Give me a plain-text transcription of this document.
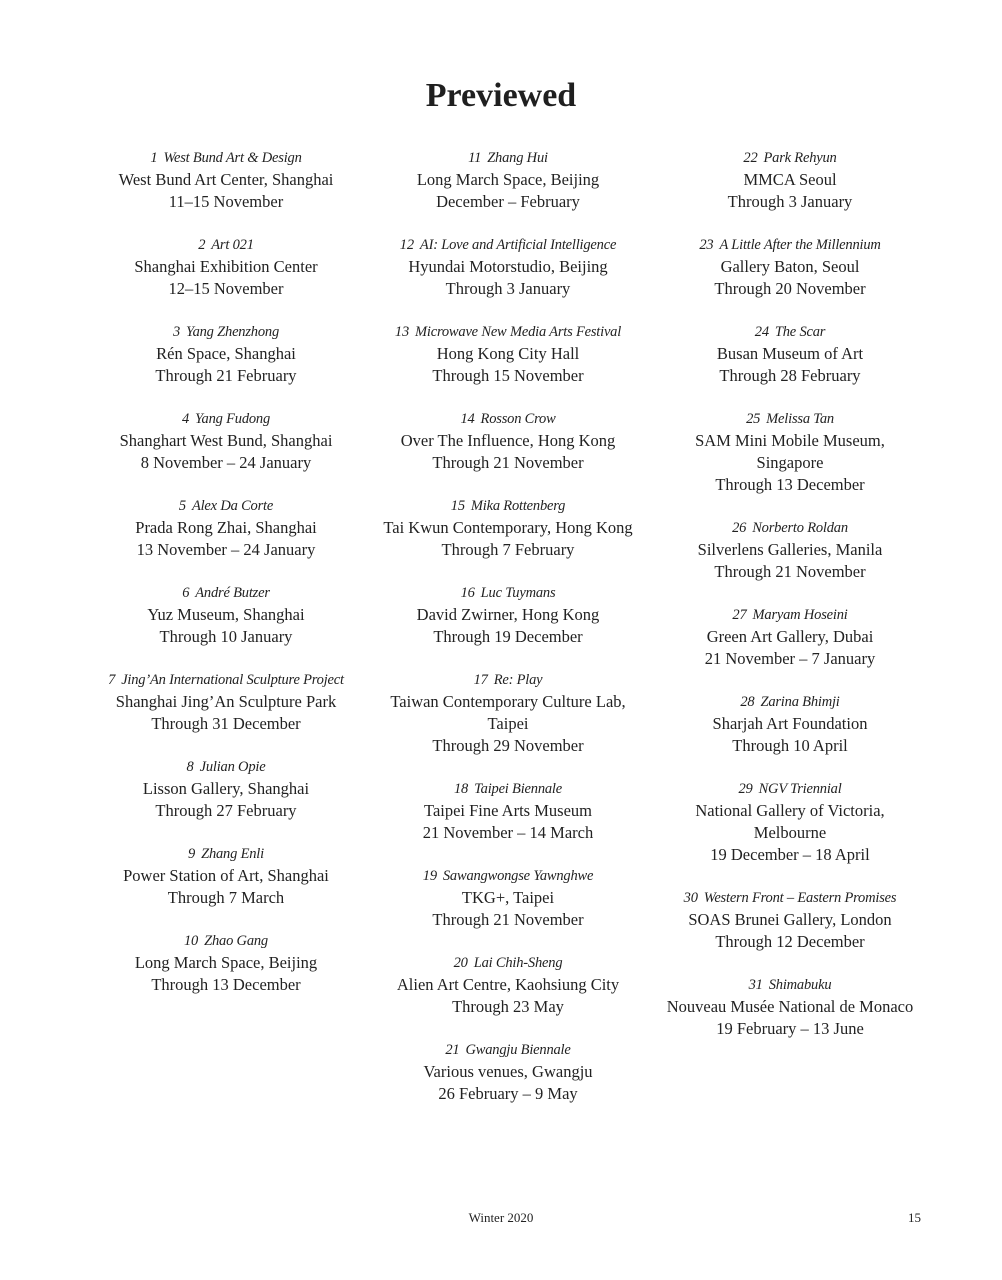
Previewed
1 West Bund Art & Design
West Bund Art Center, Shanghai
11–15 November
2 Art 021
Shanghai Exhibition Center
12–15 November
3 Yang Zhenzhong
Rén Space, Shanghai
Through 21 February
4 Yang Fudong
Shanghart West Bund, Shanghai
8 November – 24 January
5 Alex Da Corte
Prada Rong Zhai, Shanghai
13 November – 24 January
6 André Butzer
Yuz Museum, Shanghai
Through 10 January
7 Jing’An International Sculpture Project
Shanghai Jing’An Sculpture Park
Through 31 December
8 Julian Opie
Lisson Gallery, Shanghai
Through 27 February
9 Zhang Enli
Power Station of Art, Shanghai
Through 7 March
10 Zhao Gang
Long March Space, Beijing
Through 13 December
11 Zhang Hui
Long March Space, Beijing
December – February
12 AI: Love and Artificial Intelligence
Hyundai Motorstudio, Beijing
Through 3 January
13 Microwave New Media Arts Festival
Hong Kong City Hall
Through 15 November
14 Rosson Crow
Over The Influence, Hong Kong
Through 21 November
15 Mika Rottenberg
Tai Kwun Contemporary, Hong Kong
Through 7 February
16 Luc Tuymans
David Zwirner, Hong Kong
Through 19 December
17 Re: Play
Taiwan Contemporary Culture Lab,
Taipei
Through 29 November
18 Taipei Biennale
Taipei Fine Arts Museum
21 November – 14 March
19 Sawangwongse Yawnghwe
TKG+, Taipei
Through 21 November
20 Lai Chih-Sheng
Alien Art Centre, Kaohsiung City
Through 23 May
21 Gwangju Biennale
Various venues, Gwangju
26 February – 9 May
22 Park Rehyun
MMCA Seoul
Through 3 January
23 A Little After the Millennium
Gallery Baton, Seoul
Through 20 November
24 The Scar
Busan Museum of Art
Through 28 February
25 Melissa Tan
SAM Mini Mobile Museum,
Singapore
Through 13 December
26 Norberto Roldan
Silverlens Galleries, Manila
Through 21 November
27 Maryam Hoseini
Green Art Gallery, Dubai
21 November – 7 January
28 Zarina Bhimji
Sharjah Art Foundation
Through 10 April
29 NGV Triennial
National Gallery of Victoria,
Melbourne
19 December – 18 April
30 Western Front – Eastern Promises
SOAS Brunei Gallery, London
Through 12 December
31 Shimabuku
Nouveau Musée National de Monaco
19 February – 13 June
Winter 2020	15
